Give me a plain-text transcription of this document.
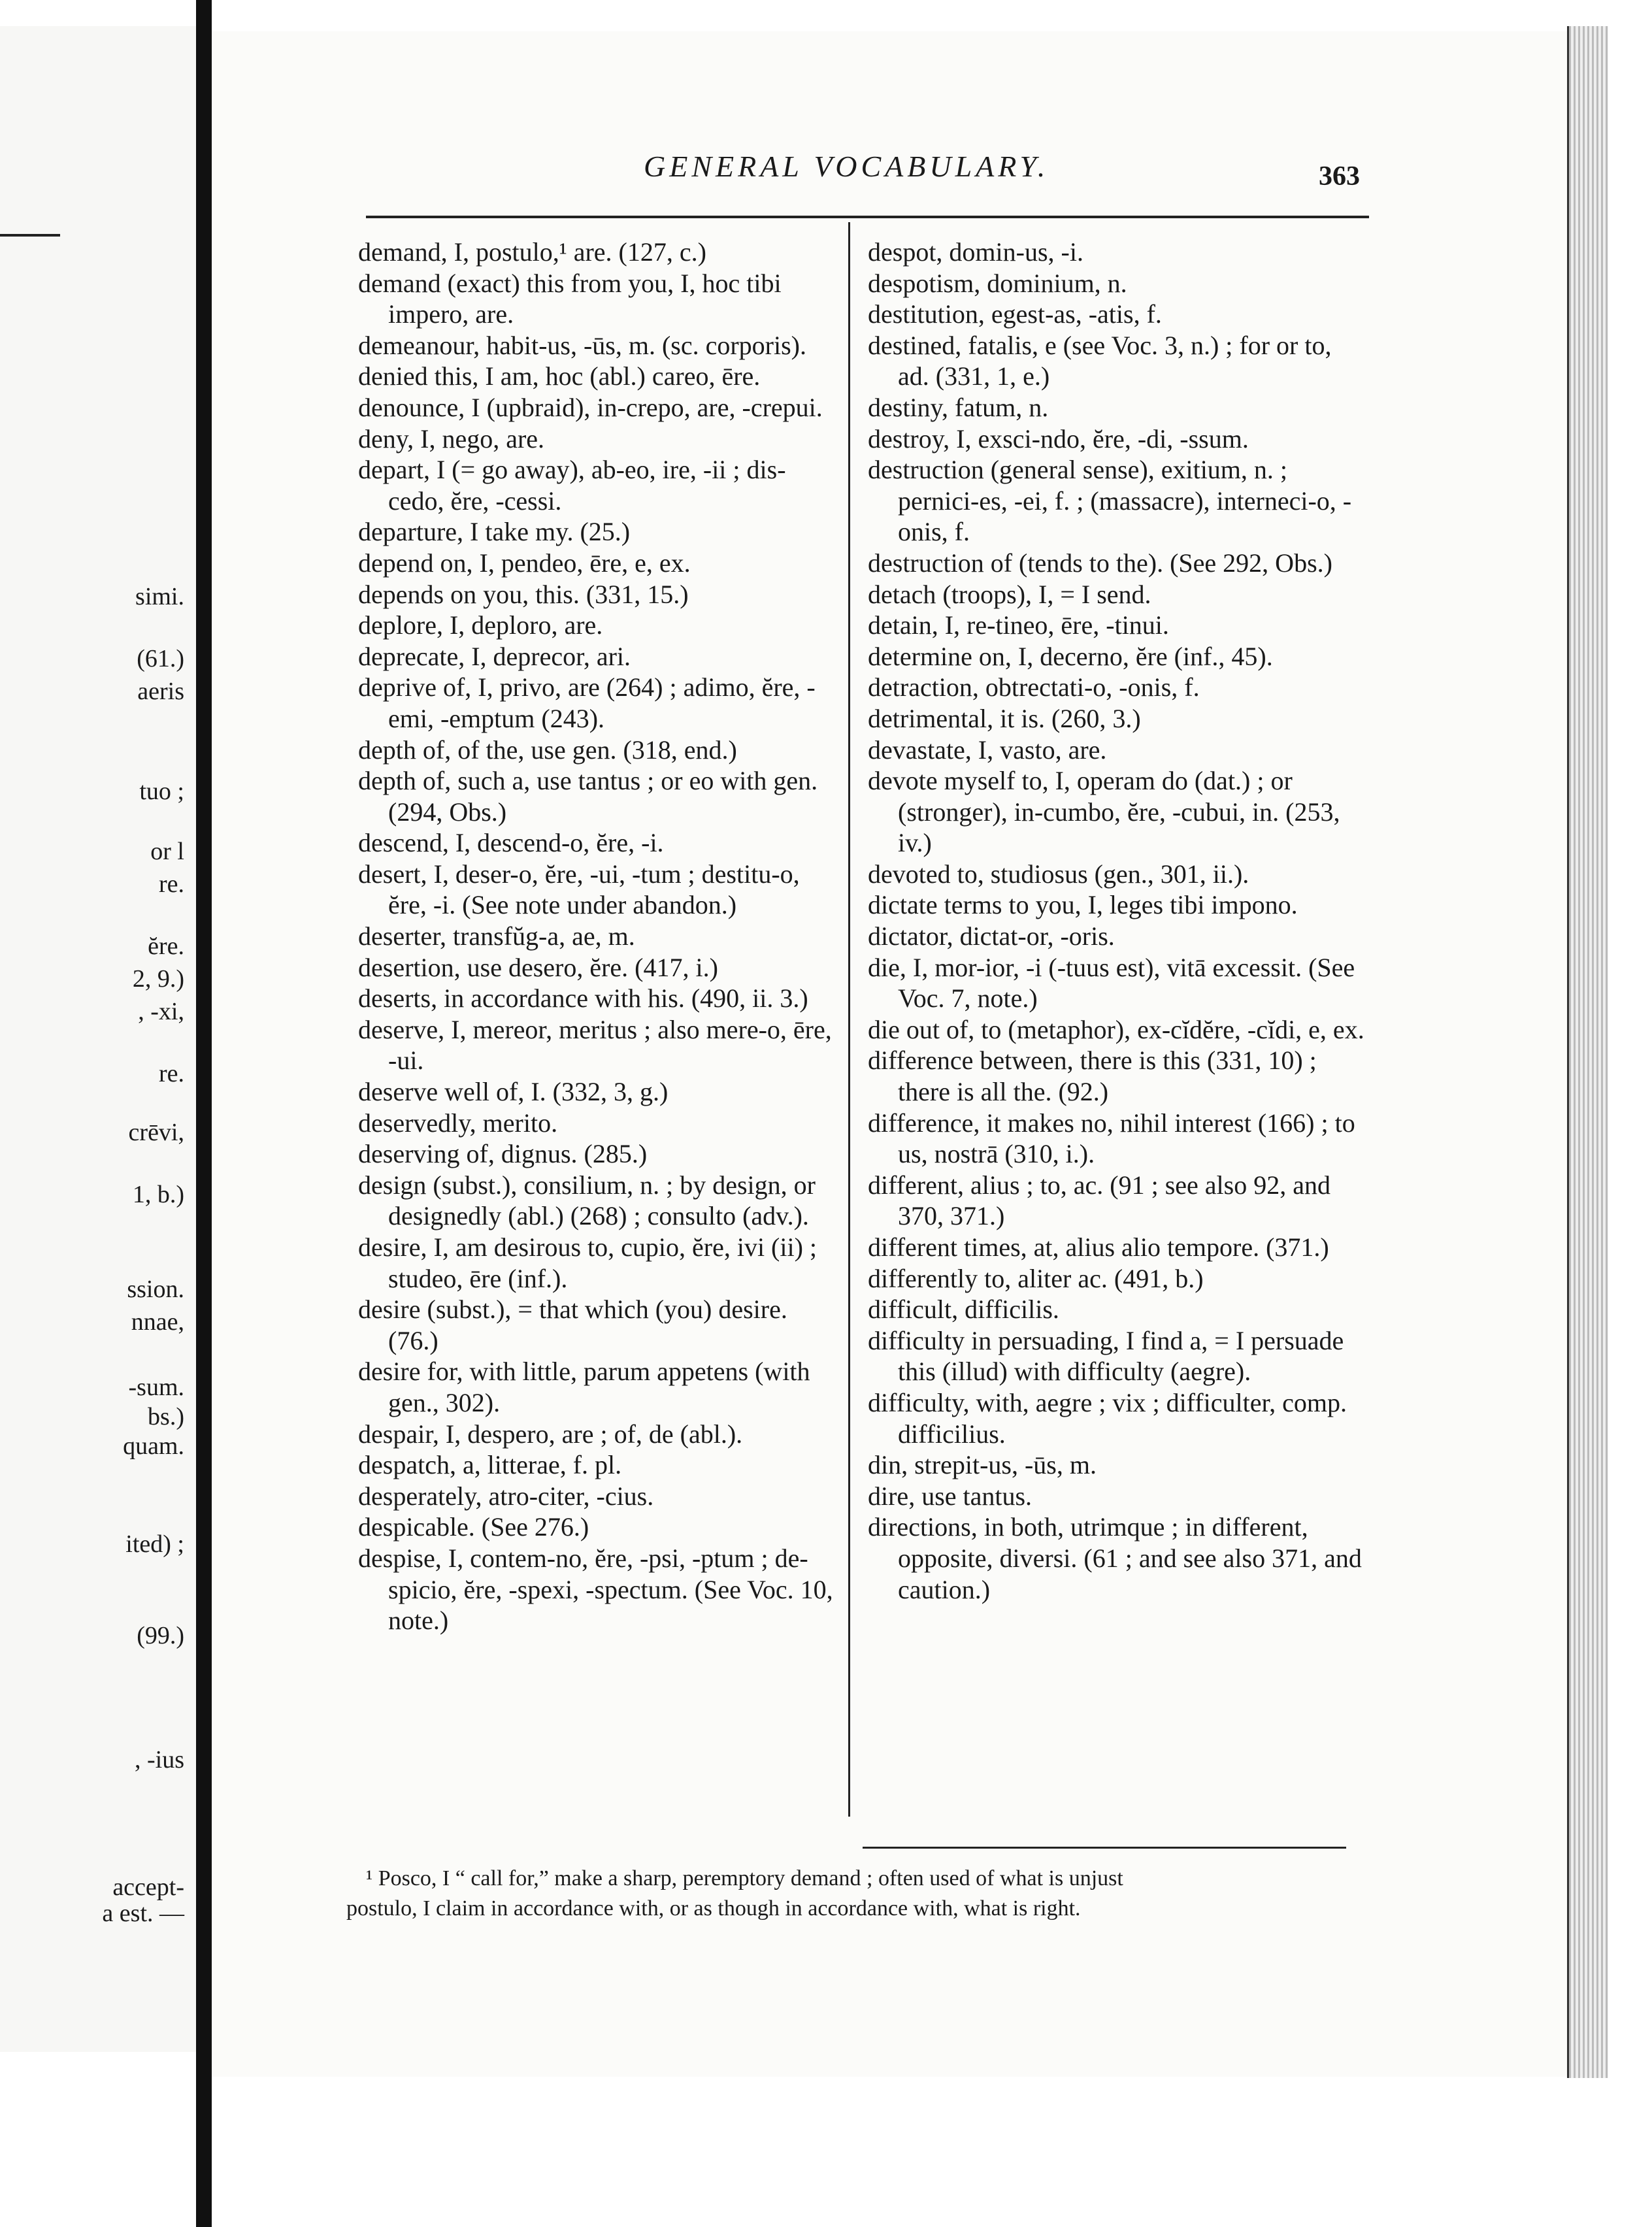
simi.
(61.)
aeris
tuo ;
or l
re.
ĕre.
2, 9.)
, -xi,
re.
crēvi,
1, b.)
ssion.
nnae,
-sum.
bs.)
quam.
ited) ;
(99.)
, -ius
accept-
a est. —
GENERAL VOCABULARY.	363
demand, I, postulo,¹ are. (127, c.)
demand (exact) this from you, I, hoc tibi impero, are.
demeanour, habit-us, -ūs, m. (sc. corporis).
denied this, I am, hoc (abl.) careo, ēre.
denounce, I (upbraid), in-crepo, are, -crepui.
deny, I, nego, are.
depart, I (= go away), ab-eo, ire, -ii ; dis-cedo, ĕre, -cessi.
departure, I take my. (25.)
depend on, I, pendeo, ēre, e, ex.
depends on you, this. (331, 15.)
deplore, I, deploro, are.
deprecate, I, deprecor, ari.
deprive of, I, privo, are (264) ; adimo, ĕre, -emi, -emptum (243).
depth of, of the, use gen. (318, end.)
depth of, such a, use tantus ; or eo with gen. (294, Obs.)
descend, I, descend-o, ĕre, -i.
desert, I, deser-o, ĕre, -ui, -tum ; destitu-o, ĕre, -i. (See note under abandon.)
deserter, transfŭg-a, ae, m.
desertion, use desero, ĕre. (417, i.)
deserts, in accordance with his. (490, ii. 3.)
deserve, I, mereor, meritus ; also mere-o, ēre, -ui.
deserve well of, I. (332, 3, g.)
deservedly, merito.
deserving of, dignus. (285.)
design (subst.), consilium, n. ; by design, or designedly (abl.) (268) ; consulto (adv.).
desire, I, am desirous to, cupio, ĕre, ivi (ii) ; studeo, ēre (inf.).
desire (subst.), = that which (you) desire. (76.)
desire for, with little, parum appetens (with gen., 302).
despair, I, despero, are ; of, de (abl.).
despatch, a, litterae, f. pl.
desperately, atro-citer, -cius.
despicable. (See 276.)
despise, I, contem-no, ĕre, -psi, -ptum ; de-spicio, ĕre, -spexi, -spectum. (See Voc. 10, note.)
despot, domin-us, -i.
despotism, dominium, n.
destitution, egest-as, -atis, f.
destined, fatalis, e (see Voc. 3, n.) ; for or to, ad. (331, 1, e.)
destiny, fatum, n.
destroy, I, exsci-ndo, ĕre, -di, -ssum.
destruction (general sense), exitium, n. ; pernici-es, -ei, f. ; (massacre), interneci-o, - onis, f.
destruction of (tends to the). (See 292, Obs.)
detach (troops), I, = I send.
detain, I, re-tineo, ēre, -tinui.
determine on, I, decerno, ĕre (inf., 45).
detraction, obtrectati-o, -onis, f.
detrimental, it is. (260, 3.)
devastate, I, vasto, are.
devote myself to, I, operam do (dat.) ; or (stronger), in-cumbo, ĕre, -cubui, in. (253, iv.)
devoted to, studiosus (gen., 301, ii.).
dictate terms to you, I, leges tibi impono.
dictator, dictat-or, -oris.
die, I, mor-ior, -i (-tuus est), vitā excessit. (See Voc. 7, note.)
die out of, to (metaphor), ex-cĭdĕre, -cĭdi, e, ex.
difference between, there is this (331, 10) ; there is all the. (92.)
difference, it makes no, nihil interest (166) ; to us, nostrā (310, i.).
different, alius ; to, ac. (91 ; see also 92, and 370, 371.)
different times, at, alius alio tempore. (371.)
differently to, aliter ac. (491, b.)
difficult, difficilis.
difficulty in persuading, I find a, = I persuade this (illud) with difficulty (aegre).
difficulty, with, aegre ; vix ; difficulter, comp. difficilius.
din, strepit-us, -ūs, m.
dire, use tantus.
directions, in both, utrimque ; in different, opposite, diversi. (61 ; and see also 371, and caution.)
¹ Posco, I “ call for,” make a sharp, peremptory demand ; often used of what is unjust
postulo, I claim in accordance with, or as though in accordance with, what is right.
